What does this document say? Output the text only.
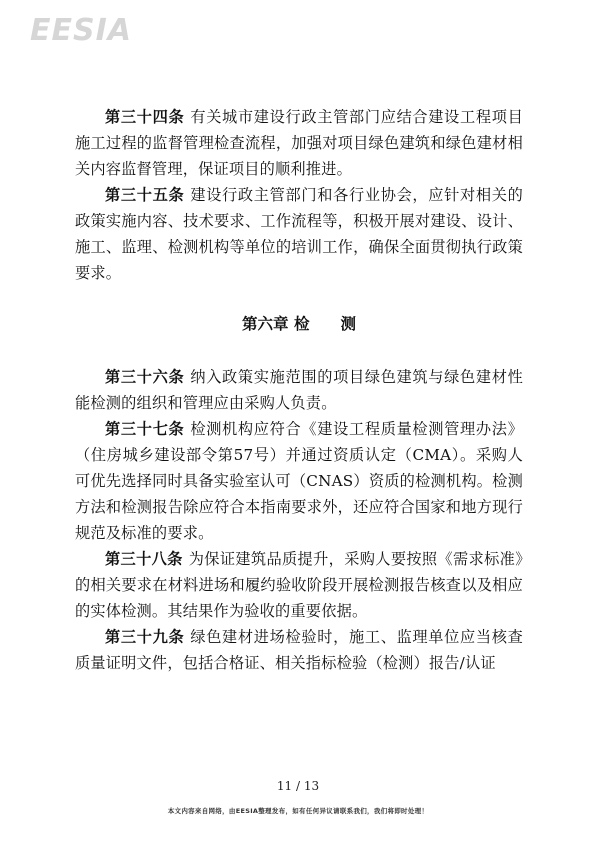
EESIA

第三十四条 有关城市建设行政主管部门应结合建设工程项目施工过程的监督管理检查流程，加强对项目绿色建筑和绿色建材相关内容监督管理，保证项目的顺利推进。

第三十五条 建设行政主管部门和各行业协会，应针对相关的政策实施内容、技术要求、工作流程等，积极开展对建设、设计、施工、监理、检测机构等单位的培训工作，确保全面贯彻执行政策要求。

第六章 检　　测

第三十六条 纳入政策实施范围的项目绿色建筑与绿色建材性能检测的组织和管理应由采购人负责。

第三十七条 检测机构应符合《建设工程质量检测管理办法》（住房城乡建设部令第57号）并通过资质认定（CMA）。采购人可优先选择同时具备实验室认可（CNAS）资质的检测机构。检测方法和检测报告除应符合本指南要求外，还应符合国家和地方现行规范及标准的要求。

第三十八条 为保证建筑品质提升，采购人要按照《需求标准》的相关要求在材料进场和履约验收阶段开展检测报告核查以及相应的实体检测。其结果作为验收的重要依据。

第三十九条 绿色建材进场检验时，施工、监理单位应当核查质量证明文件，包括合格证、相关指标检验（检测）报告/认证

11 / 13
本文内容来自网络，由EESIA整理发布，如有任何异议请联系我们，我们将即时处理！
